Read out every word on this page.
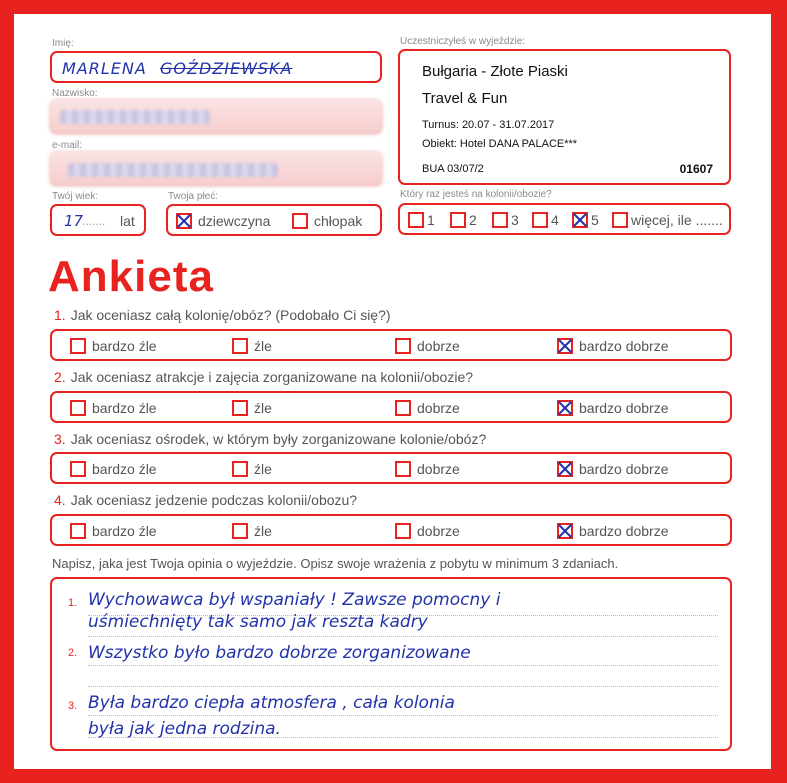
Imię:
MARLENA GOŹDZIEWSKA
Nazwisko:
e-mail:
Twój wiek:
17
....... lat
Twoja płeć:
dziewczyna	chłopak
Uczestniczyłeś w wyjeździe:
Bułgaria - Złote Piaski
Travel & Fun
Turnus: 20.07 - 31.07.2017
Obiekt: Hotel DANA PALACE***
BUA 03/07/2	01607
Który raz jesteś na kolonii/obozie?
1	2	3	4	5	więcej, ile .......
Ankieta
1. Jak oceniasz całą kolonię/obóz? (Podobało Ci się?)
bardzo źle	źle	dobrze	bardzo dobrze
2. Jak oceniasz atrakcje i zajęcia zorganizowane na kolonii/obozie?
bardzo źle	źle	dobrze	bardzo dobrze
3. Jak oceniasz ośrodek, w którym były zorganizowane kolonie/obóz?
bardzo źle	źle	dobrze	bardzo dobrze
4. Jak oceniasz jedzenie podczas kolonii/obozu?
bardzo źle	źle	dobrze	bardzo dobrze
Napisz, jaka jest Twoja opinia o wyjeździe. Opisz swoje wrażenia z pobytu w minimum 3 zdaniach.
1.
2.
3.
Wychowawca był wspaniały ! Zawsze pomocny i
uśmiechnięty tak samo jak reszta kadry
Wszystko było bardzo dobrze zorganizowane
Była bardzo ciepła atmosfera , cała kolonia
była jak jedna rodzina.
